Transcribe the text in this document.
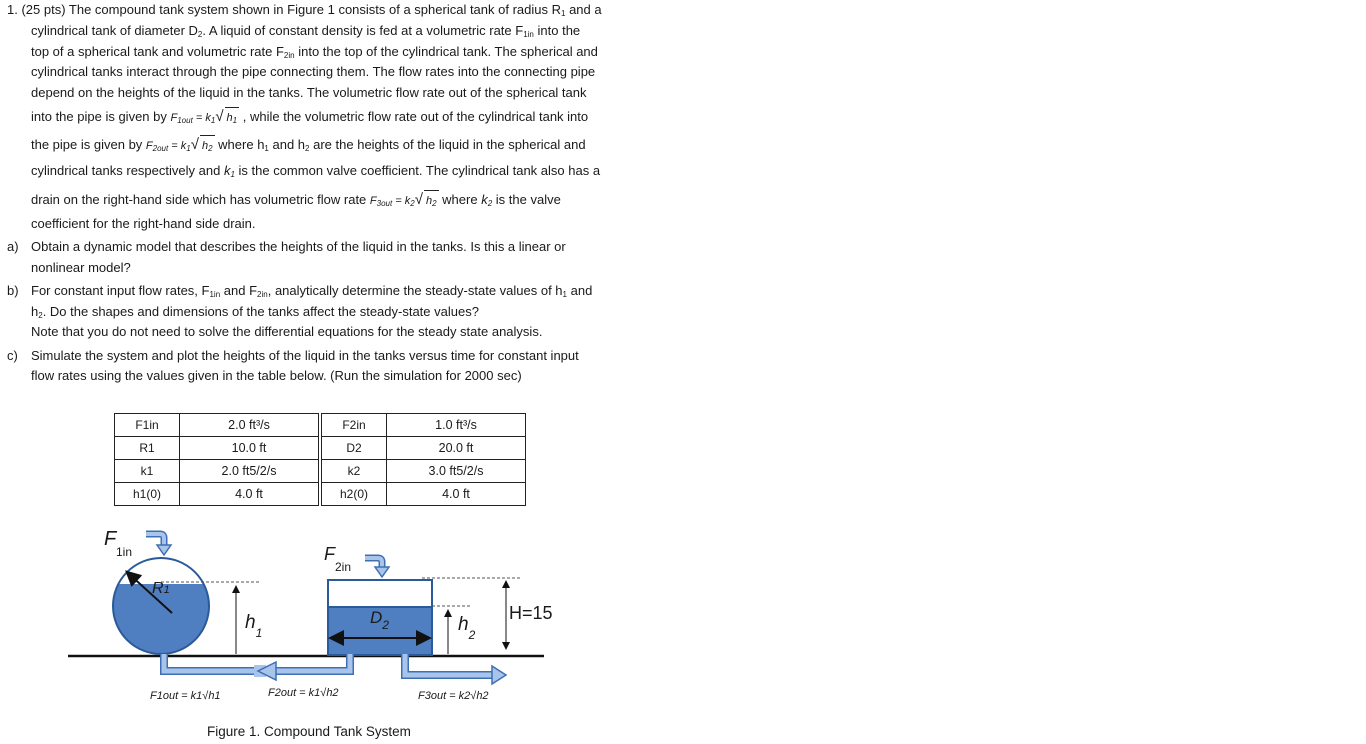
1. (25 pts) The compound tank system shown in Figure 1 consists of a spherical tank of radius $R_1$ and a
cylindrical tank of diameter $D_2$. A liquid of constant density is fed at a volumetric rate $F_{1in}$ into the
top of a spherical tank and volumetric rate $F_{2in}$ into the top of the cylindrical tank. The spherical and
cylindrical tanks interact through the pipe connecting them. The flow rates into the connecting pipe
depend on the heights of the liquid in the tanks. The volumetric flow rate out of the spherical tank
into the pipe is given by $F_{1out} = k_1√$ $h_1$ , while the volumetric flow rate out of the cylindrical tank into
the pipe is given by $F_{2out} = k_1√$ $h_2$ where $h_1$ and $h_2$ are the heights of the liquid in the spherical and
cylindrical tanks respectively and $k_1$ is the common valve coefficient. The cylindrical tank also has a
drain on the right-hand side which has volumetric flow rate $F_{3out} = k_2√$ $h_2$ where $k_2$ is the valve
coefficient for the right-hand side drain.
a) Obtain a dynamic model that describes the heights of the liquid in the tanks. Is this a linear or
nonlinear model?
b) For constant input flow rates, $F_{1in}$ and $F_{2in}$, analytically determine the steady-state values of $h_1$ and
$h_2$. Do the shapes and dimensions of the tanks affect the steady-state values?
Note that you do not need to solve the differential equations for the steady state analysis.
c) Simulate the system and plot the heights of the liquid in the tanks versus time for constant input
flow rates using the values given in the table below. (Run the simulation for 2000 sec)
F1in	2.0 ft³/s	F2in	1.0 ft³/s
R1	10.0 ft	D2	20.0 ft
k1	2.0 ft5/2/s	k2	3.0 ft5/2/s
h1(0)	4.0 ft	h2(0)	4.0 ft
F
1in	F
2in
R1
$h_1$
$D_2$	$h_2$
H=15
F1out = k1√h1	F2out = k1√h2	F3out = k2√h2
Figure 1. Compound Tank System
